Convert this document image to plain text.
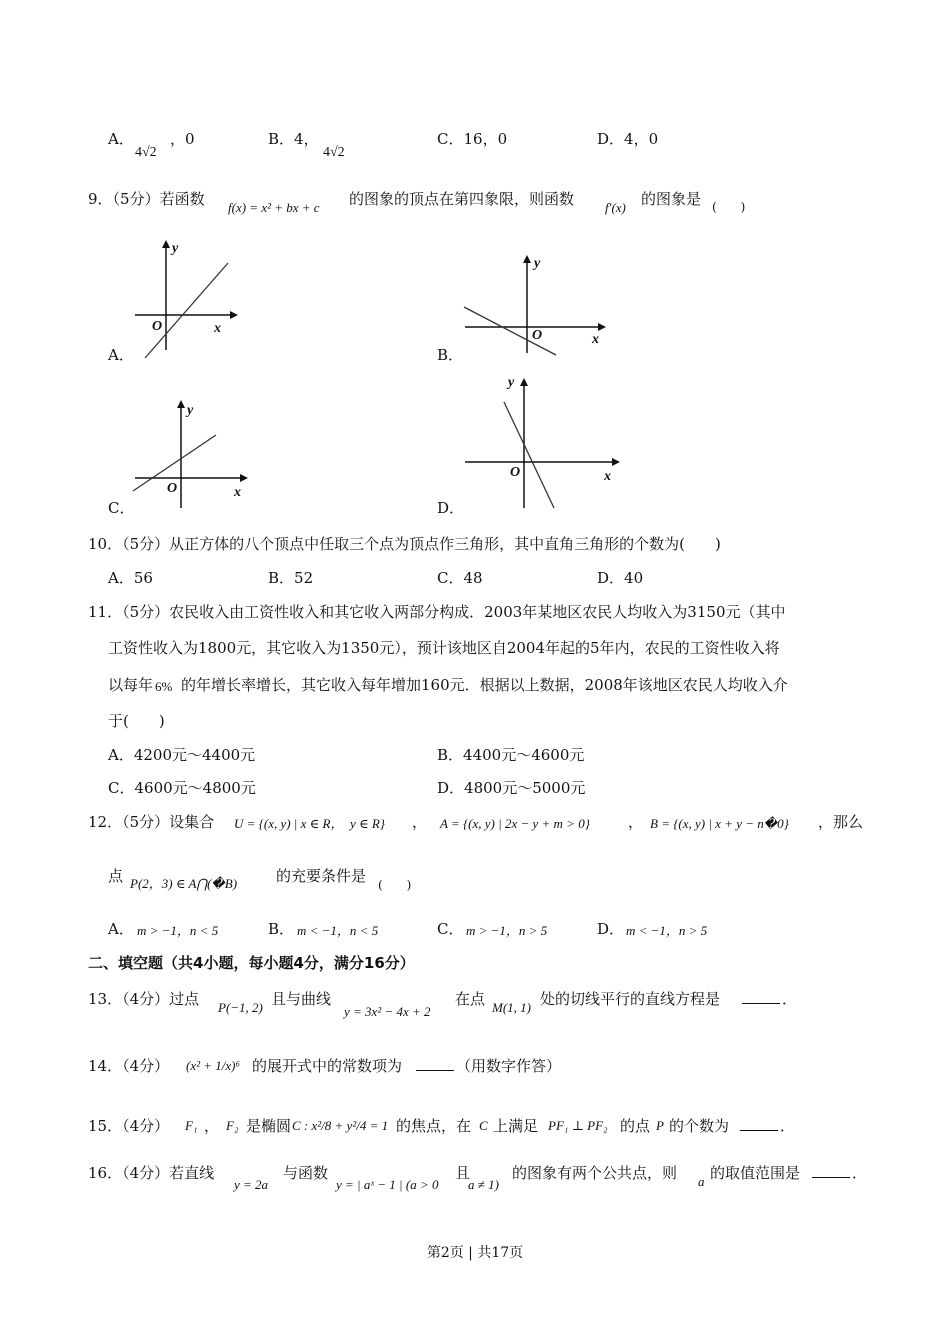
A．
4√2
，0	B．4，
4√2
C．16，0	D．4，0
9．（5分）若函数 f(x) = x² + bx + c 的图象的顶点在第四象限，则函数 f′(x) 的图象是 (　　)
y
x
O
A．
y
x
O
B．
y
x
O
C．
y
x
O
D．
10．（5分）从正方体的八个顶点中任取三个点为顶点作三角形，其中直角三角形的个数为(　　)
A．56	B．52	C．48	D．40
11．（5分）农民收入由工资性收入和其它收入两部分构成．2003年某地区农民人均收入为3150元（其中
工资性收入为1800元，其它收入为1350元），预计该地区自2004年起的5年内，农民的工资性收入将
以每年 6% 的年增长率增长，其它收入每年增加160元．根据以上数据，2008年该地区农民人均收入介
于(　　)
A．4200元～4400元	B．4400元～4600元
C．4600元～4800元	D．4800元～5000元
12．（5分）设集合 U = {(x, y) | x ∈ R，　y ∈ R} ， A = {(x, y) | 2x − y + m > 0}	， B = {(x, y) | x + y − n�0} ，那么
点 P(2，3) ∈ A⋂(�B)	的充要条件是 (　　)
A． m > −1，n < 5	B． m < −1，n < 5	C． m > −1，n > 5	D． m < −1，n > 5
二、填空题（共4小题，每小题4分，满分16分）
13．（4分）过点 P(−1, 2) 且与曲线
y = 3x² − 4x + 2
在点 M(1, 1) 处的切线平行的直线方程是	．
14．（4分） (x² + 1/x)⁶ 的展开式中的常数项为	（用数字作答）
15．（4分） F₁ ， F₂ 是椭圆 C : x²/8 + y²/4 = 1 的焦点，在 C 上满足 PF₁ ⊥ PF₂ 的点 P 的个数为	．
16．（4分）若直线
y = 2a
与函数
y = | aˣ − 1 | (a > 0
且
a ≠ 1)
的图象有两个公共点，则 a 的取值范围是	．
第2页 | 共17页
